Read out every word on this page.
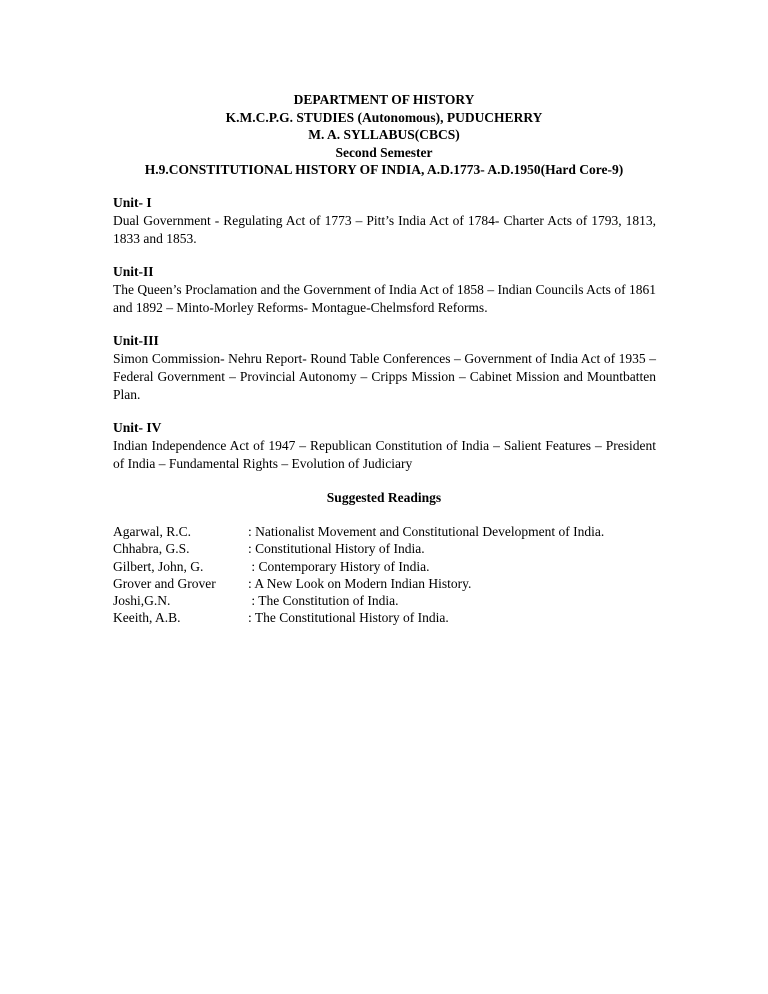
DEPARTMENT OF HISTORY
K.M.C.P.G. STUDIES (Autonomous), PUDUCHERRY
M. A. SYLLABUS(CBCS)
Second Semester
H.9.CONSTITUTIONAL HISTORY OF INDIA, A.D.1773- A.D.1950(Hard Core-9)
Unit- I
Dual Government - Regulating Act of 1773 – Pitt’s India Act of 1784- Charter Acts of 1793, 1813, 1833 and 1853.
Unit-II
The Queen’s Proclamation and the Government of India Act of 1858 – Indian Councils Acts of 1861 and 1892 – Minto-Morley Reforms- Montague-Chelmsford Reforms.
Unit-III
Simon Commission- Nehru Report- Round Table Conferences – Government of India Act of 1935 – Federal Government – Provincial Autonomy – Cripps Mission – Cabinet Mission and Mountbatten Plan.
Unit- IV
Indian Independence Act of 1947 – Republican Constitution of India – Salient Features – President of India – Fundamental Rights – Evolution of Judiciary
Suggested Readings
Agarwal, R.C.	: Nationalist Movement and Constitutional Development of India.
Chhabra, G.S.	: Constitutional History of India.
Gilbert, John, G.	: Contemporary History of India.
Grover and Grover : A New Look on Modern Indian History.
Joshi,G.N.	: The Constitution of India.
Keeith, A.B.	: The Constitutional History of India.
